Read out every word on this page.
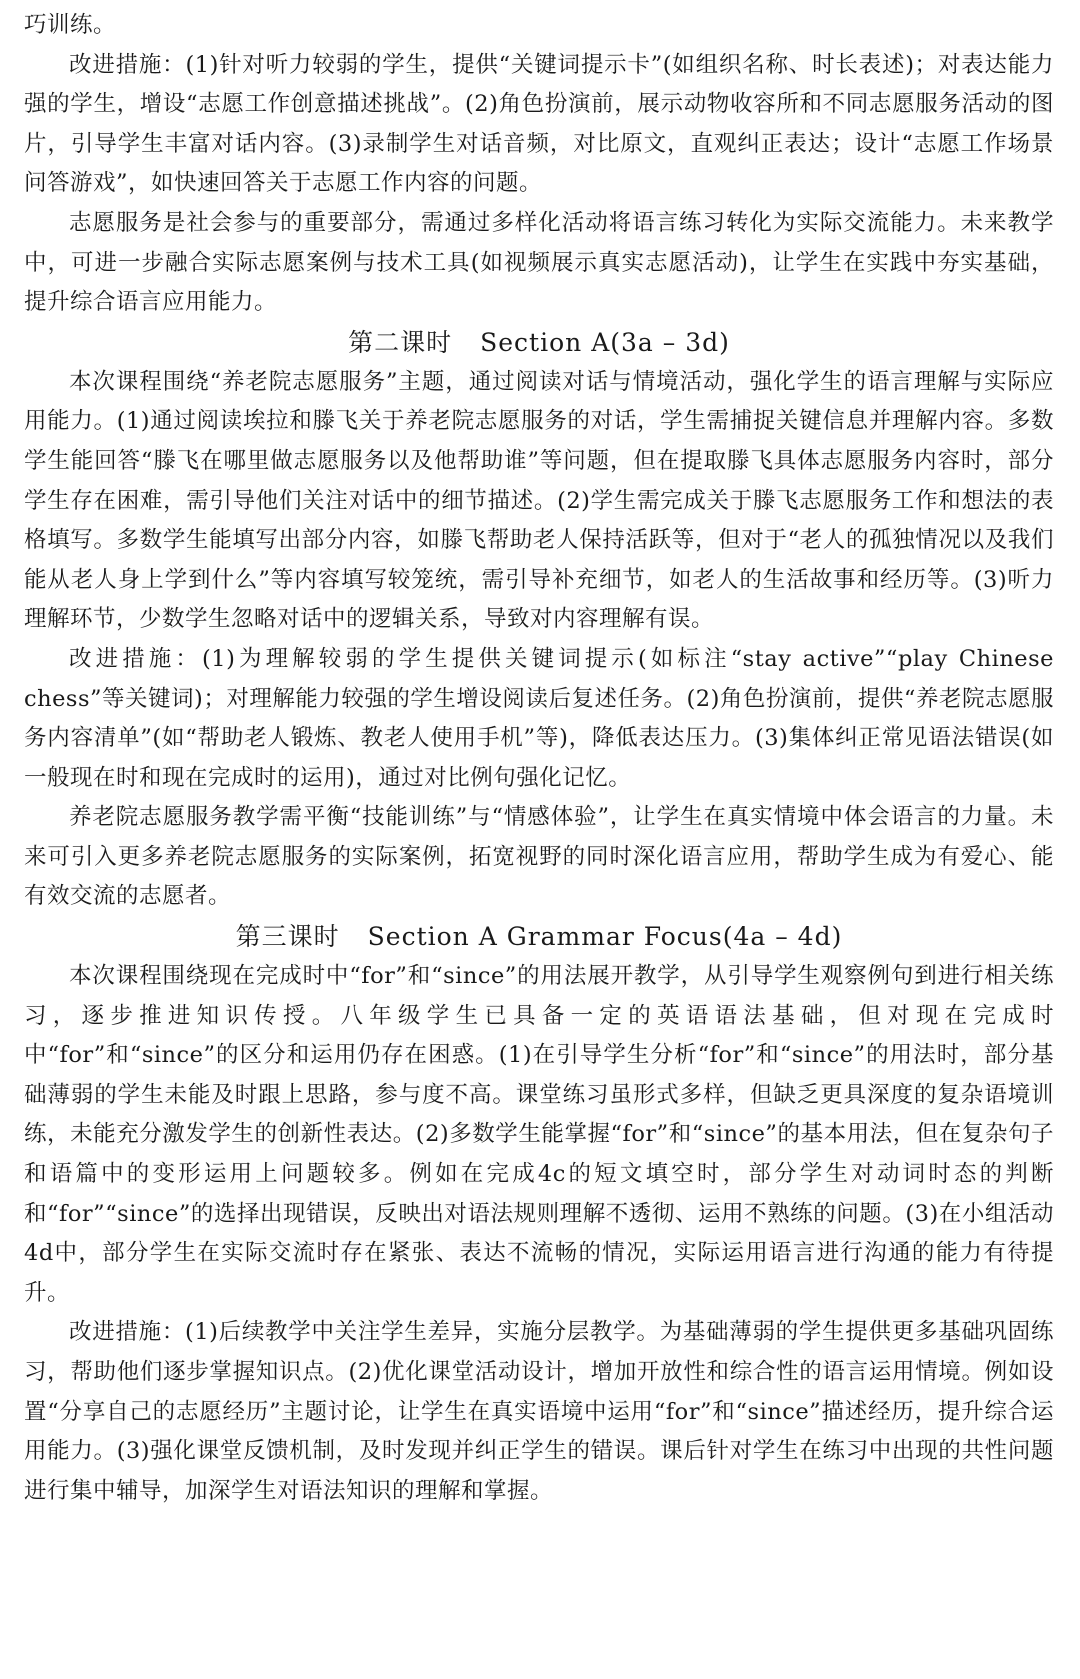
102

巧训练。

改进措施：(1)针对听力较弱的学生，提供“关键词提示卡”(如组织名称、时长表述)；对表达能力强的学生，增设“志愿工作创意描述挑战”。(2)角色扮演前，展示动物收容所和不同志愿服务活动的图片，引导学生丰富对话内容。(3)录制学生对话音频，对比原文，直观纠正表达；设计“志愿工作场景问答游戏”，如快速回答关于志愿工作内容的问题。

志愿服务是社会参与的重要部分，需通过多样化活动将语言练习转化为实际交流能力。未来教学中，可进一步融合实际志愿案例与技术工具(如视频展示真实志愿活动)，让学生在实践中夯实基础，提升综合语言应用能力。

第二课时 Section A(3a – 3d)

本次课程围绕“养老院志愿服务”主题，通过阅读对话与情境活动，强化学生的语言理解与实际应用能力。(1)通过阅读埃拉和滕飞关于养老院志愿服务的对话，学生需捕捉关键信息并理解内容。多数学生能回答“滕飞在哪里做志愿服务以及他帮助谁”等问题，但在提取滕飞具体志愿服务内容时，部分学生存在困难，需引导他们关注对话中的细节描述。(2)学生需完成关于滕飞志愿服务工作和想法的表格填写。多数学生能填写出部分内容，如滕飞帮助老人保持活跃等，但对于“老人的孤独情况以及我们能从老人身上学到什么”等内容填写较笼统，需引导补充细节，如老人的生活故事和经历等。(3)听力理解环节，少数学生忽略对话中的逻辑关系，导致对内容理解有误。

改进措施：(1)为理解较弱的学生提供关键词提示(如标注“stay active”“play Chinese chess”等关键词)；对理解能力较强的学生增设阅读后复述任务。(2)角色扮演前，提供“养老院志愿服务内容清单”(如“帮助老人锻炼、教老人使用手机”等)，降低表达压力。(3)集体纠正常见语法错误(如一般现在时和现在完成时的运用)，通过对比例句强化记忆。

养老院志愿服务教学需平衡“技能训练”与“情感体验”，让学生在真实情境中体会语言的力量。未来可引入更多养老院志愿服务的实际案例，拓宽视野的同时深化语言应用，帮助学生成为有爱心、能有效交流的志愿者。

第三课时 Section A Grammar Focus(4a – 4d)

本次课程围绕现在完成时中“for”和“since”的用法展开教学，从引导学生观察例句到进行相关练习，逐步推进知识传授。八年级学生已具备一定的英语语法基础，但对现在完成时中“for”和“since”的区分和运用仍存在困惑。(1)在引导学生分析“for”和“since”的用法时，部分基础薄弱的学生未能及时跟上思路，参与度不高。课堂练习虽形式多样，但缺乏更具深度的复杂语境训练，未能充分激发学生的创新性表达。(2)多数学生能掌握“for”和“since”的基本用法，但在复杂句子和语篇中的变形运用上问题较多。例如在完成4c的短文填空时，部分学生对动词时态的判断和“for”“since”的选择出现错误，反映出对语法规则理解不透彻、运用不熟练的问题。(3)在小组活动4d中，部分学生在实际交流时存在紧张、表达不流畅的情况，实际运用语言进行沟通的能力有待提升。

改进措施：(1)后续教学中关注学生差异，实施分层教学。为基础薄弱的学生提供更多基础巩固练习，帮助他们逐步掌握知识点。(2)优化课堂活动设计，增加开放性和综合性的语言运用情境。例如设置“分享自己的志愿经历”主题讨论，让学生在真实语境中运用“for”和“since”描述经历，提升综合运用能力。(3)强化课堂反馈机制，及时发现并纠正学生的错误。课后针对学生在练习中出现的共性问题进行集中辅导，加深学生对语法知识的理解和掌握。
